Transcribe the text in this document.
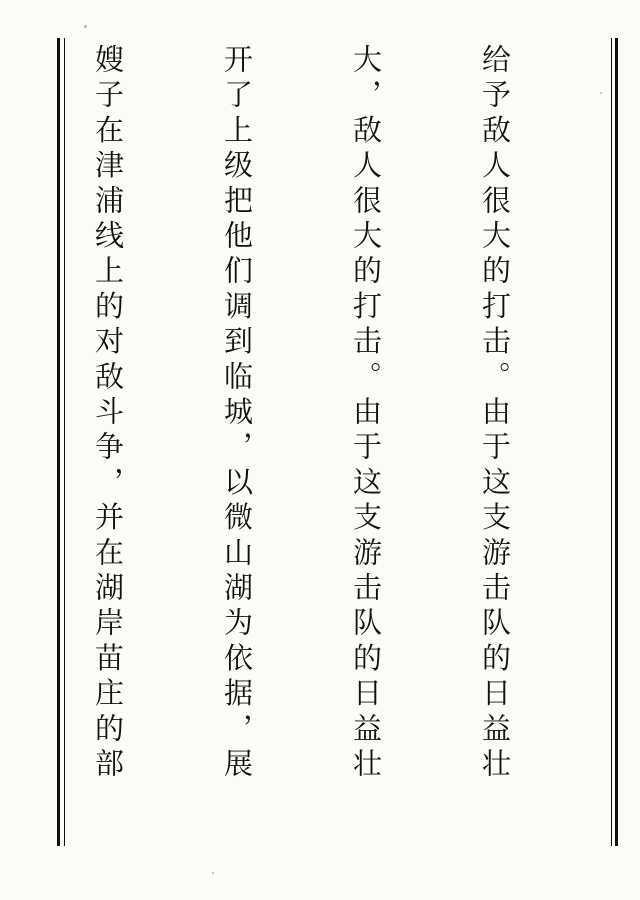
给予敌人很大的打击。由于这支游击队的日益壮

大，敌人很大的打击。由于这支游击队的日益壮

开了上级把他们调到临城，以微山湖为依据，展

嫂子在津浦线上的对敌斗争，并在湖岸苗庄的部
